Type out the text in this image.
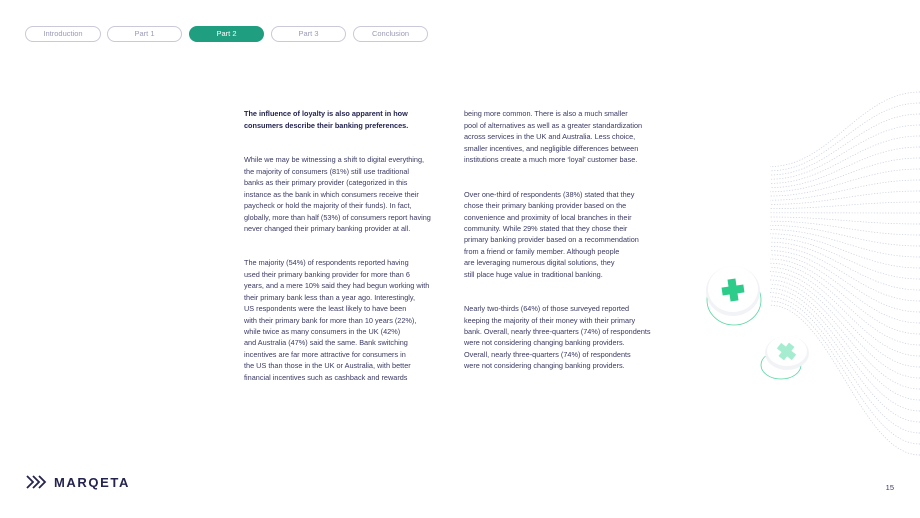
Introduction	Part 1	Part 2	Part 3	Conclusion

The influence of loyalty is also apparent in how
consumers describe their banking preferences.

While we may be witnessing a shift to digital everything,
the majority of consumers (81%) still use traditional
banks as their primary provider (categorized in this
instance as the bank in which consumers receive their
paycheck or hold the majority of their funds). In fact,
globally, more than half (53%) of consumers report having
never changed their primary banking provider at all.

The majority (54%) of respondents reported having
used their primary banking provider for more than 6
years, and a mere 10% said they had begun working with
their primary bank less than a year ago. Interestingly,
US respondents were the least likely to have been
with their primary bank for more than 10 years (22%),
while twice as many consumers in the UK (42%)
and Australia (47%) said the same. Bank switching
incentives are far more attractive for consumers in
the US than those in the UK or Australia, with better
financial incentives such as cashback and rewards

being more common. There is also a much smaller
pool of alternatives as well as a greater standardization
across services in the UK and Australia. Less choice,
smaller incentives, and negligible differences between
institutions create a much more ‘loyal’ customer base.

Over one-third of respondents (38%) stated that they
chose their primary banking provider based on the
convenience and proximity of local branches in their
community. While 29% stated that they chose their
primary banking provider based on a recommendation
from a friend or family member. Although people
are leveraging numerous digital solutions, they
still place huge value in traditional banking.

Nearly two-thirds (64%) of those surveyed reported
keeping the majority of their money with their primary
bank. Overall, nearly three-quarters (74%) of respondents
were not considering changing banking providers.
Overall, nearly three-quarters (74%) of respondents
were not considering changing banking providers.

MARQETA	15
